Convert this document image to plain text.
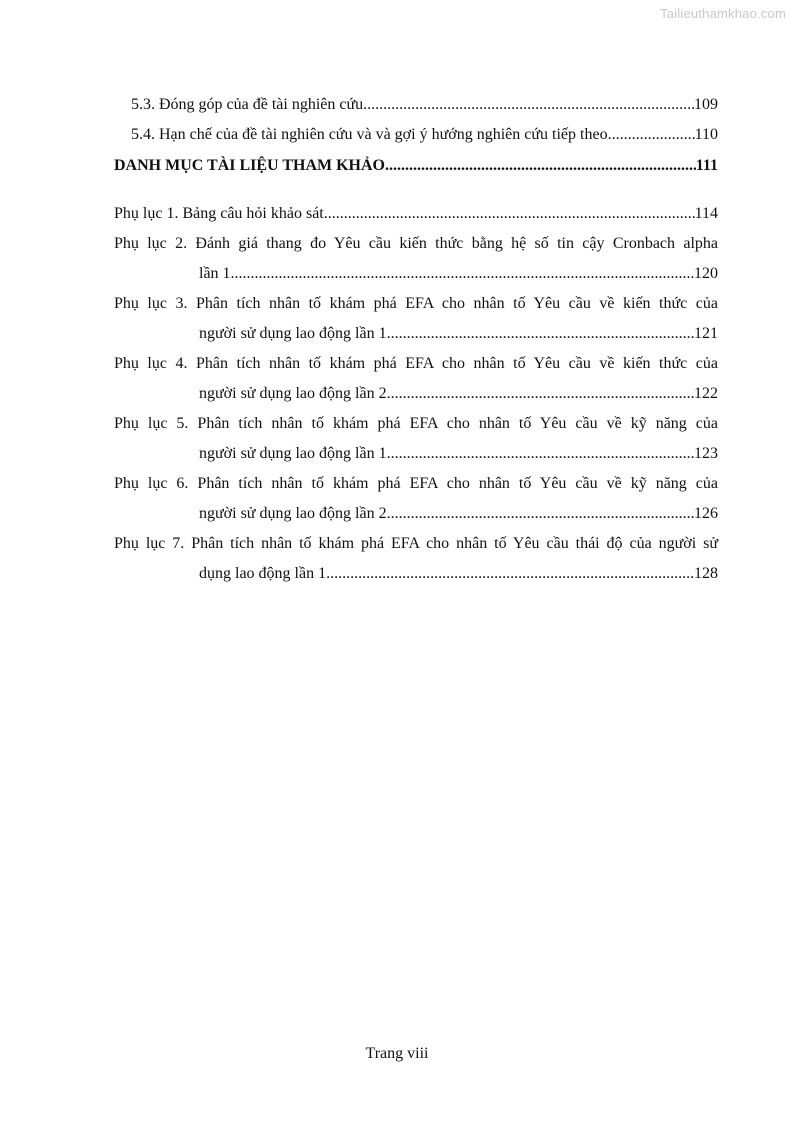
Tailieuthamkhao.com
5.3. Đóng góp của đề tài nghiên cứu .....	109
5.4. Hạn chế của đề tài nghiên cứu và và gợi ý hướng nghiên cứu tiếp theo .....	110
DANH MỤC TÀI LIỆU THAM KHẢO .....	111
Phụ lục 1. Bảng câu hỏi khảo sát .....	114
Phụ lục 2. Đánh giá thang đo Yêu cầu kiến thức bằng hệ số tin cậy Cronbach alpha
lần 1 .....	120
Phụ lục 3. Phân tích nhân tố khám phá EFA cho nhân tố Yêu cầu về kiến thức của
người sử dụng lao động lần 1 .....	121
Phụ lục 4. Phân tích nhân tố khám phá EFA cho nhân tố Yêu cầu về kiến thức của
người sử dụng lao động lần 2 .....	122
Phụ lục 5. Phân tích nhân tố khám phá EFA cho nhân tố Yêu cầu về kỹ năng của
người sử dụng lao động lần 1 .....	123
Phụ lục 6. Phân tích nhân tố khám phá EFA cho nhân tố Yêu cầu về kỹ năng của
người sử dụng lao động lần 2 .....	126
Phụ lục 7. Phân tích nhân tố khám phá EFA cho nhân tố Yêu cầu thái độ của người sử
dụng lao động lần 1 .....	128
Trang viii
